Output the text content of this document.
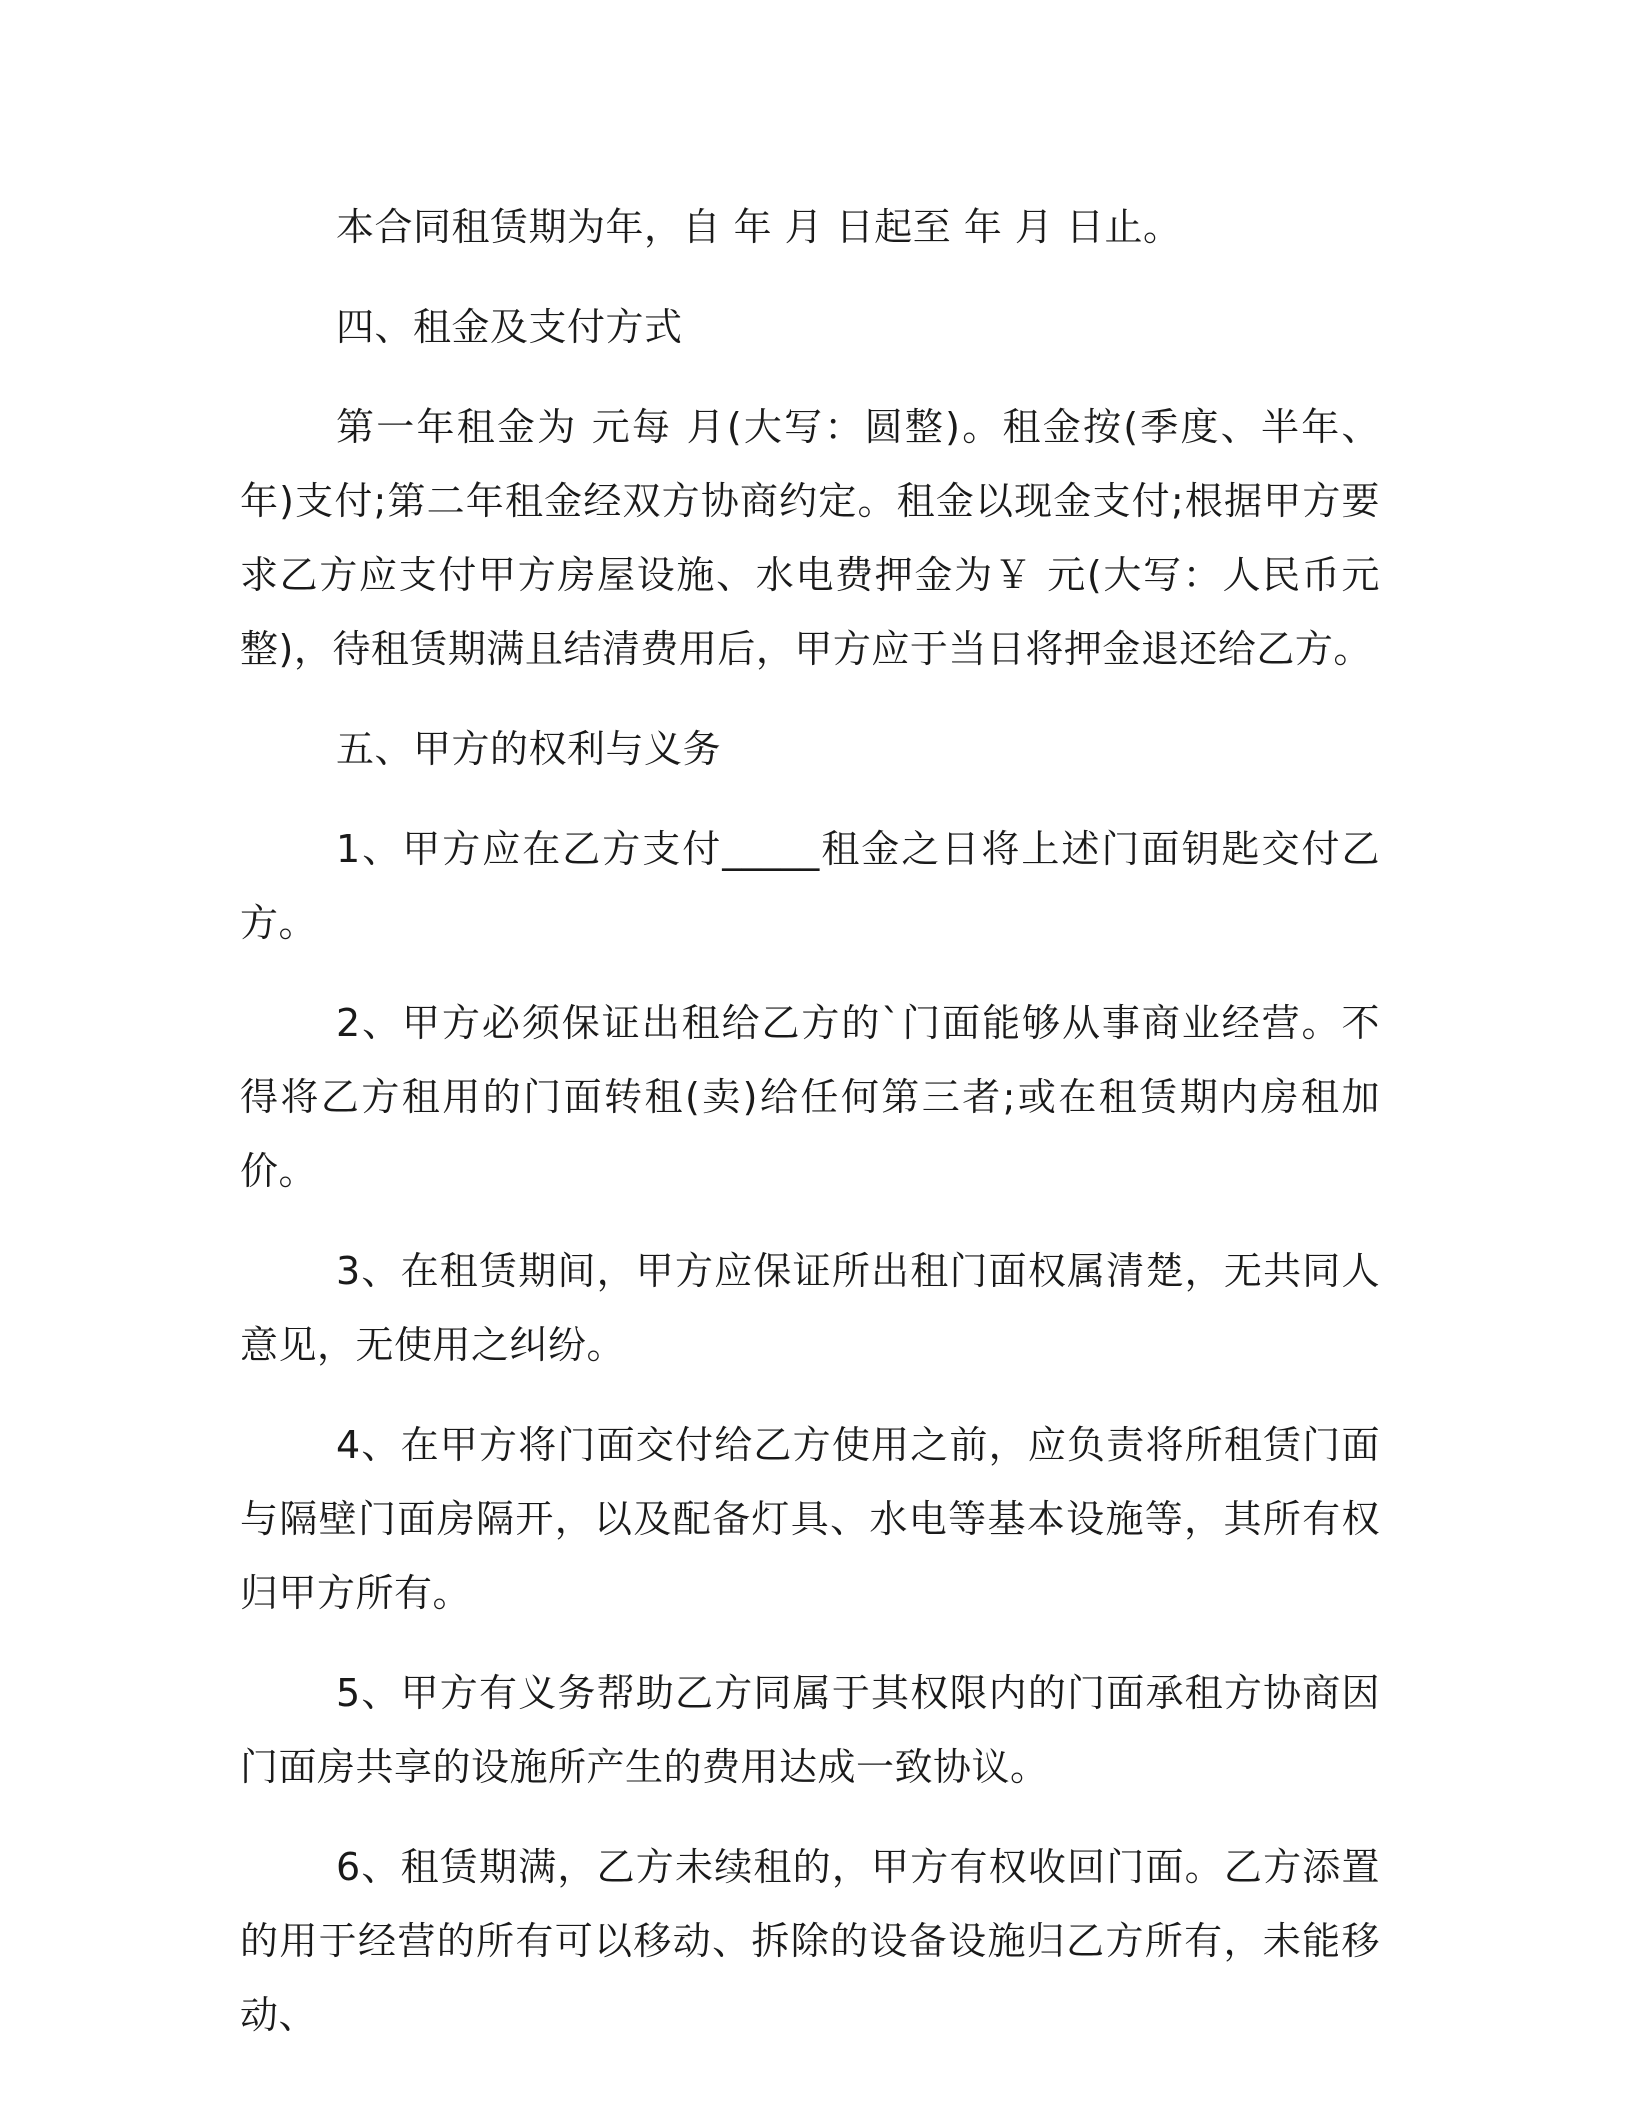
本合同租赁期为年，自 年 月 日起至 年 月 日止。

四、租金及支付方式

第一年租金为 元每 月(大写：圆整)。租金按(季度、半年、年)支付;第二年租金经双方协商约定。租金以现金支付;根据甲方要求乙方应支付甲方房屋设施、水电费押金为￥ 元(大写：人民币元整)，待租赁期满且结清费用后，甲方应于当日将押金退还给乙方。

五、甲方的权利与义务

1、甲方应在乙方支付_____租金之日将上述门面钥匙交付乙方。

2、甲方必须保证出租给乙方的`门面能够从事商业经营。不得将乙方租用的门面转租(卖)给任何第三者;或在租赁期内房租加价。

3、在租赁期间，甲方应保证所出租门面权属清楚，无共同人意见，无使用之纠纷。

4、在甲方将门面交付给乙方使用之前，应负责将所租赁门面与隔壁门面房隔开，以及配备灯具、水电等基本设施等，其所有权归甲方所有。

5、甲方有义务帮助乙方同属于其权限内的门面承租方协商因门面房共享的设施所产生的费用达成一致协议。

6、租赁期满，乙方未续租的，甲方有权收回门面。乙方添置的用于经营的所有可以移动、拆除的设备设施归乙方所有，未能移动、
